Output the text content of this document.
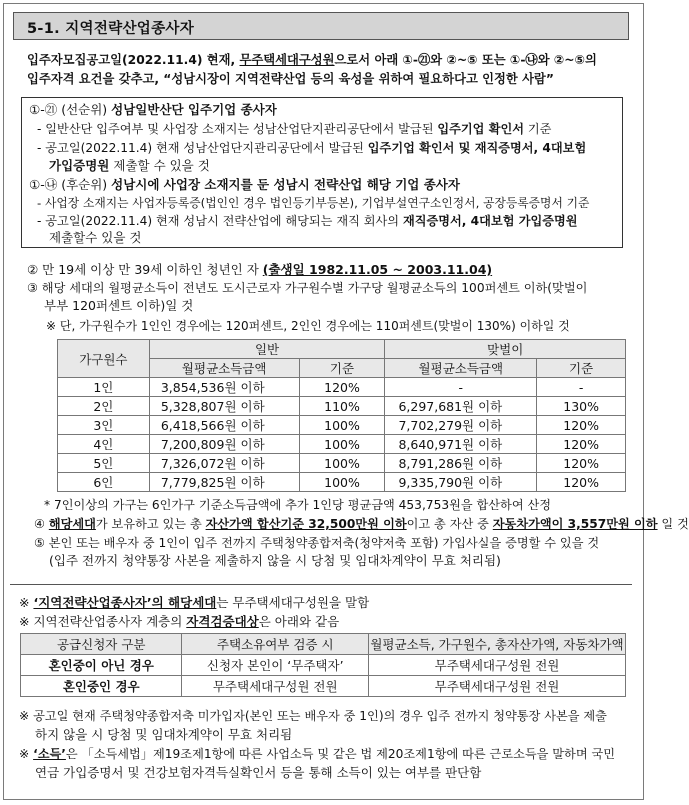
5-1. 지역전략산업종사자
입주자모집공고일(2022.11.4) 현재, 무주택세대구성원으로서 아래 ①-㉑와 ②~⑤ 또는 ①-㉯와 ②~⑤의
입주자격 요건을 갖추고, “성남시장이 지역전략산업 등의 육성을 위하여 필요하다고 인정한 사람”
①-㉑ (선순위) 성남일반산단 입주기업 종사자
- 일반산단 입주여부 및 사업장 소재지는 성남산업단지관리공단에서 발급된 입주기업 확인서 기준
- 공고일(2022.11.4) 현재 성남산업단지관리공단에서 발급된 입주기업 확인서 및 재직증명서, 4대보험
가입증명원 제출할 수 있을 것
①-㉯ (후순위) 성남시에 사업장 소재지를 둔 성남시 전략산업 해당 기업 종사자
- 사업장 소재지는 사업자등록증(법인인 경우 법인등기부등본), 기업부설연구소인정서, 공장등록증명서 기준
- 공고일(2022.11.4) 현재 성남시 전략산업에 해당되는 재직 회사의 재직증명서, 4대보험 가입증명원
제출할수 있을 것
② 만 19세 이상 만 39세 이하인 청년인 자 (출생일 1982.11.05 ~ 2003.11.04)
③ 해당 세대의 월평균소득이 전년도 도시근로자 가구원수별 가구당 월평균소득의 100퍼센트 이하(맞벌이
부부 120퍼센트 이하)일 것
※ 단, 가구원수가 1인인 경우에는 120퍼센트, 2인인 경우에는 110퍼센트(맞벌이 130%) 이하일 것
가구원수	일반		맞벌이	
	월평균소득금액	기준	월평균소득금액	기준
1인	3,854,536원 이하	120%	-	-
2인	5,328,807원 이하	110%	6,297,681원 이하	130%
3인	6,418,566원 이하	100%	7,702,279원 이하	120%
4인	7,200,809원 이하	100%	8,640,971원 이하	120%
5인	7,326,072원 이하	100%	8,791,286원 이하	120%
6인	7,779,825원 이하	100%	9,335,790원 이하	120%
* 7인이상의 가구는 6인가구 기준소득금액에 추가 1인당 평균금액 453,753원을 합산하여 산정
④ 해당세대가 보유하고 있는 총 자산가액 합산기준 32,500만원 이하이고 총 자산 중 자동차가액이 3,557만원 이하 일 것
⑤ 본인 또는 배우자 중 1인이 입주 전까지 주택청약종합저축(청약저축 포함) 가입사실을 증명할 수 있을 것
(입주 전까지 청약통장 사본을 제출하지 않을 시 당첨 및 임대차계약이 무효 처리됨)
※ ‘지역전략산업종사자’의 해당세대는 무주택세대구성원을 말함
※ 지역전략산업종사자 계층의 자격검증대상은 아래와 같음
공급신청자 구분	주택소유여부 검증 시	월평균소득, 가구원수, 총자산가액, 자동차가액
혼인중이 아닌 경우	신청자 본인이 ‘무주택자’	무주택세대구성원 전원
혼인중인 경우	무주택세대구성원 전원	무주택세대구성원 전원
※ 공고일 현재 주택청약종합저축 미가입자(본인 또는 배우자 중 1인)의 경우 입주 전까지 청약통장 사본을 제출
하지 않을 시 당첨 및 임대차계약이 무효 처리됨
※ ‘소득’은 「소득세법」제19조제1항에 따른 사업소득 및 같은 법 제20조제1항에 따른 근로소득을 말하며 국민
연금 가입증명서 및 건강보험자격득실확인서 등을 통해 소득이 있는 여부를 판단함
